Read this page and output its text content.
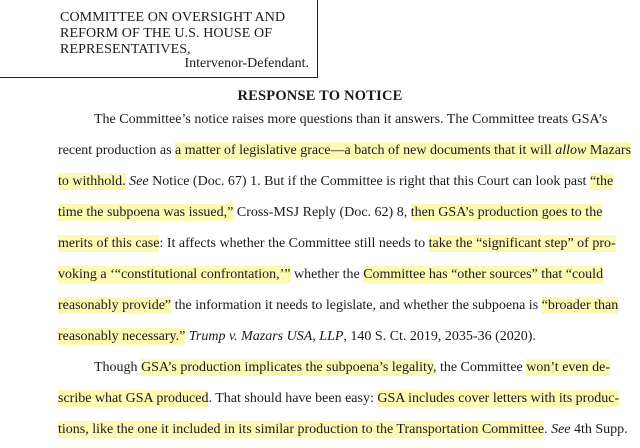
COMMITTEE ON OVERSIGHT AND
REFORM OF THE U.S. HOUSE OF
REPRESENTATIVES,
Intervenor-Defendant.
RESPONSE TO NOTICE
The Committee’s notice raises more questions than it answers. The Committee treats GSA’s
recent production as a matter of legislative grace—a batch of new documents that it will allow Mazars
to withhold. See Notice (Doc. 67) 1. But if the Committee is right that this Court can look past “the
time the subpoena was issued,” Cross-MSJ Reply (Doc. 62) 8, then GSA’s production goes to the
merits of this case: It affects whether the Committee still needs to take the “significant step” of pro-
voking a ‘“constitutional confrontation,’” whether the Committee has “other sources” that “could
reasonably provide” the information it needs to legislate, and whether the subpoena is “broader than
reasonably necessary.” Trump v. Mazars USA, LLP, 140 S. Ct. 2019, 2035-36 (2020).
Though GSA’s production implicates the subpoena’s legality, the Committee won’t even de-
scribe what GSA produced. That should have been easy: GSA includes cover letters with its produc-
tions, like the one it included in its similar production to the Transportation Committee. See 4th Supp.
